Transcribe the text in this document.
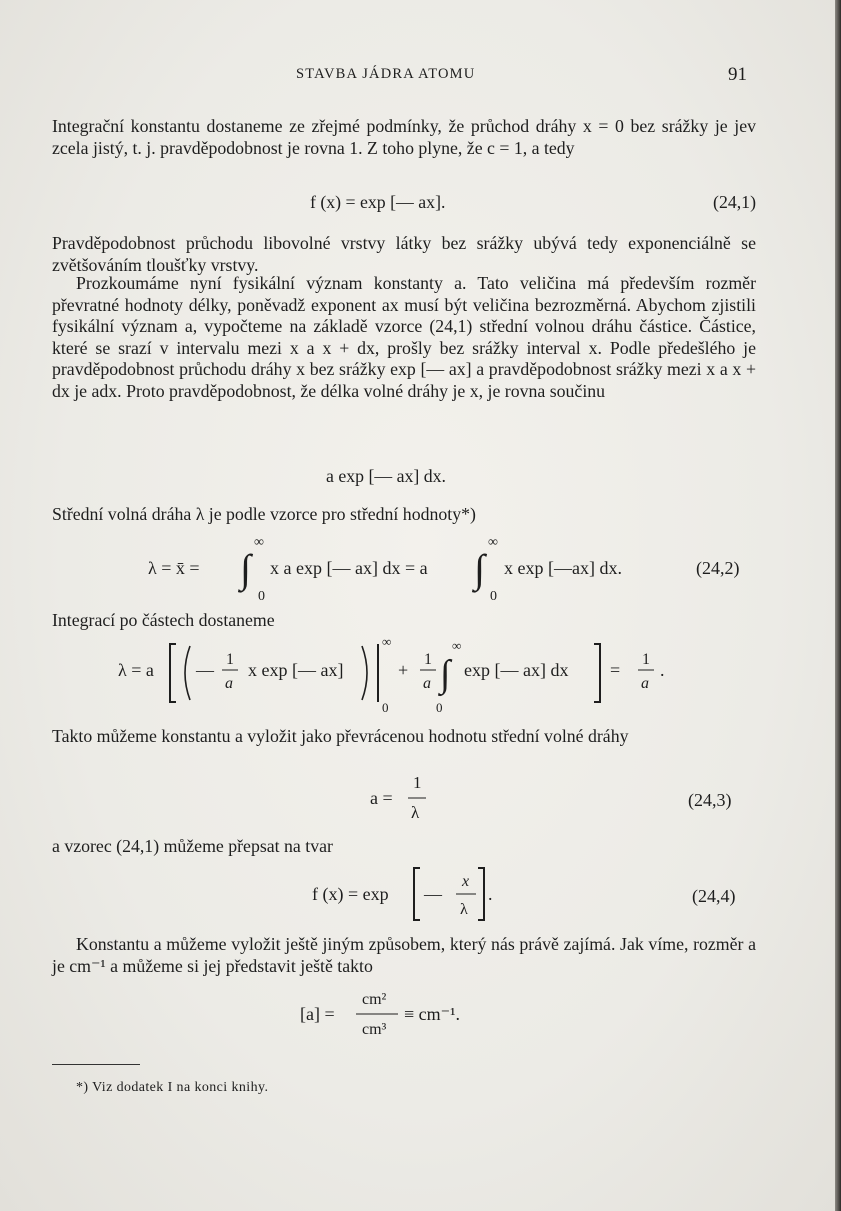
STAVBA JÁDRA ATOMU	91

Integrační konstantu dostaneme ze zřejmé podmínky, že průchod dráhy x = 0 bez srážky je jev zcela jistý, t. j. pravděpodobnost je rovna 1. Z toho plyne, že c = 1, a tedy

f (x) = exp [— ax].	(24,1)

Pravděpodobnost průchodu libovolné vrstvy látky bez srážky ubývá tedy exponenciálně se zvětšováním tloušťky vrstvy.

Prozkoumáme nyní fysikální význam konstanty a. Tato veličina má především rozměr převratné hodnoty délky, poněvadž exponent ax musí být veličina bezrozměrná. Abychom zjistili fysikální význam a, vypočteme na základě vzorce (24,1) střední volnou dráhu částice. Částice, které se srazí v intervalu mezi x a x + dx, prošly bez srážky interval x. Podle předešlého je pravděpodobnost průchodu dráhy x bez srážky exp [— ax] a pravděpodobnost srážky mezi x a x + dx je adx. Proto pravděpodobnost, že délka volné dráhy je x, je rovna součinu

a exp [— ax] dx.

Střední volná dráha λ je podle vzorce pro střední hodnoty*)

λ = x̄ =
∞
∫
0
x a exp [— ax] dx = a
∞
∫
0
x exp [—ax] dx.	(24,2)

Integrací po částech dostaneme

λ = a —
1
a
x exp [— ax]
∞
0
+
1
a
∞
∫
0
exp [— ax] dx =
1
a
.

Takto můžeme konstantu a vyložit jako převrácenou hodnotu střední volné dráhy

a =
1
λ
(24,3)

a vzorec (24,1) můžeme přepsat na tvar

f (x) = exp —
x
λ
.	(24,4)

Konstantu a můžeme vyložit ještě jiným způsobem, který nás právě zajímá. Jak víme, rozměr a je cm⁻¹ a můžeme si jej představit ještě takto

[a] =
cm²
cm³
≡ cm⁻¹.
*) Viz dodatek I na konci knihy.
